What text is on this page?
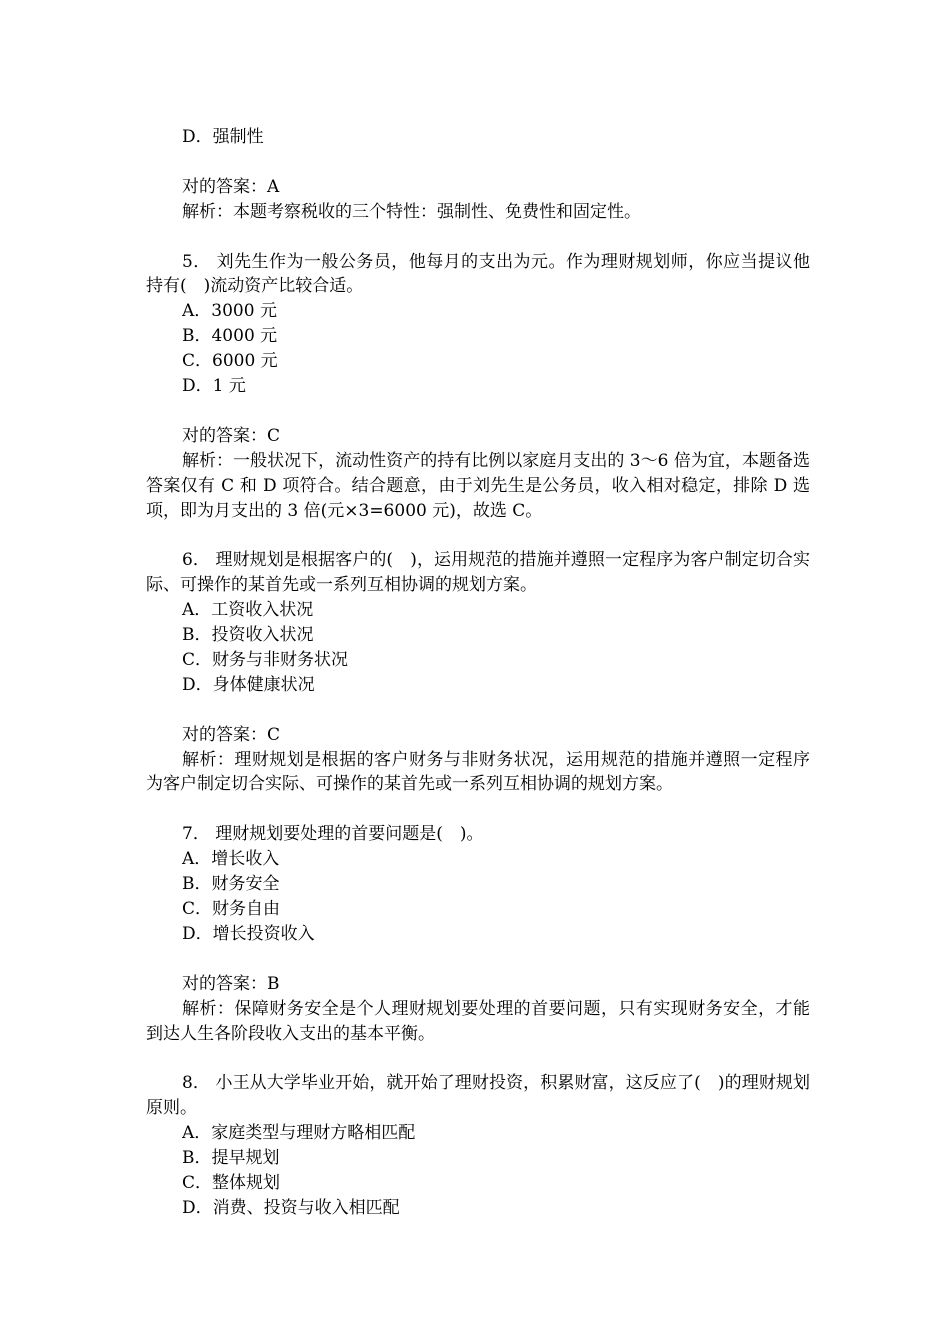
D．强制性

对的答案：A

解析：本题考察税收的三个特性：强制性、免费性和固定性。

5． 刘先生作为一般公务员，他每月的支出为元。作为理财规划师，你应当提议他持有(　)流动资产比较合适。

A．3000 元

B．4000 元

C．6000 元

D．1 元

对的答案：C

解析：一般状况下，流动性资产的持有比例以家庭月支出的 3～6 倍为宜，本题备选答案仅有 C 和 D 项符合。结合题意，由于刘先生是公务员，收入相对稳定，排除 D 选项，即为月支出的 3 倍(元×3=6000 元)，故选 C。

6． 理财规划是根据客户的(　)，运用规范的措施并遵照一定程序为客户制定切合实际、可操作的某首先或一系列互相协调的规划方案。

A．工资收入状况

B．投资收入状况

C．财务与非财务状况

D．身体健康状况

对的答案：C

解析：理财规划是根据的客户财务与非财务状况，运用规范的措施并遵照一定程序为客户制定切合实际、可操作的某首先或一系列互相协调的规划方案。

7． 理财规划要处理的首要问题是(　)。

A．增长收入

B．财务安全

C．财务自由

D．增长投资收入

对的答案：B

解析：保障财务安全是个人理财规划要处理的首要问题，只有实现财务安全，才能到达人生各阶段收入支出的基本平衡。

8． 小王从大学毕业开始，就开始了理财投资，积累财富，这反应了(　)的理财规划原则。

A．家庭类型与理财方略相匹配

B．提早规划

C．整体规划

D．消费、投资与收入相匹配
